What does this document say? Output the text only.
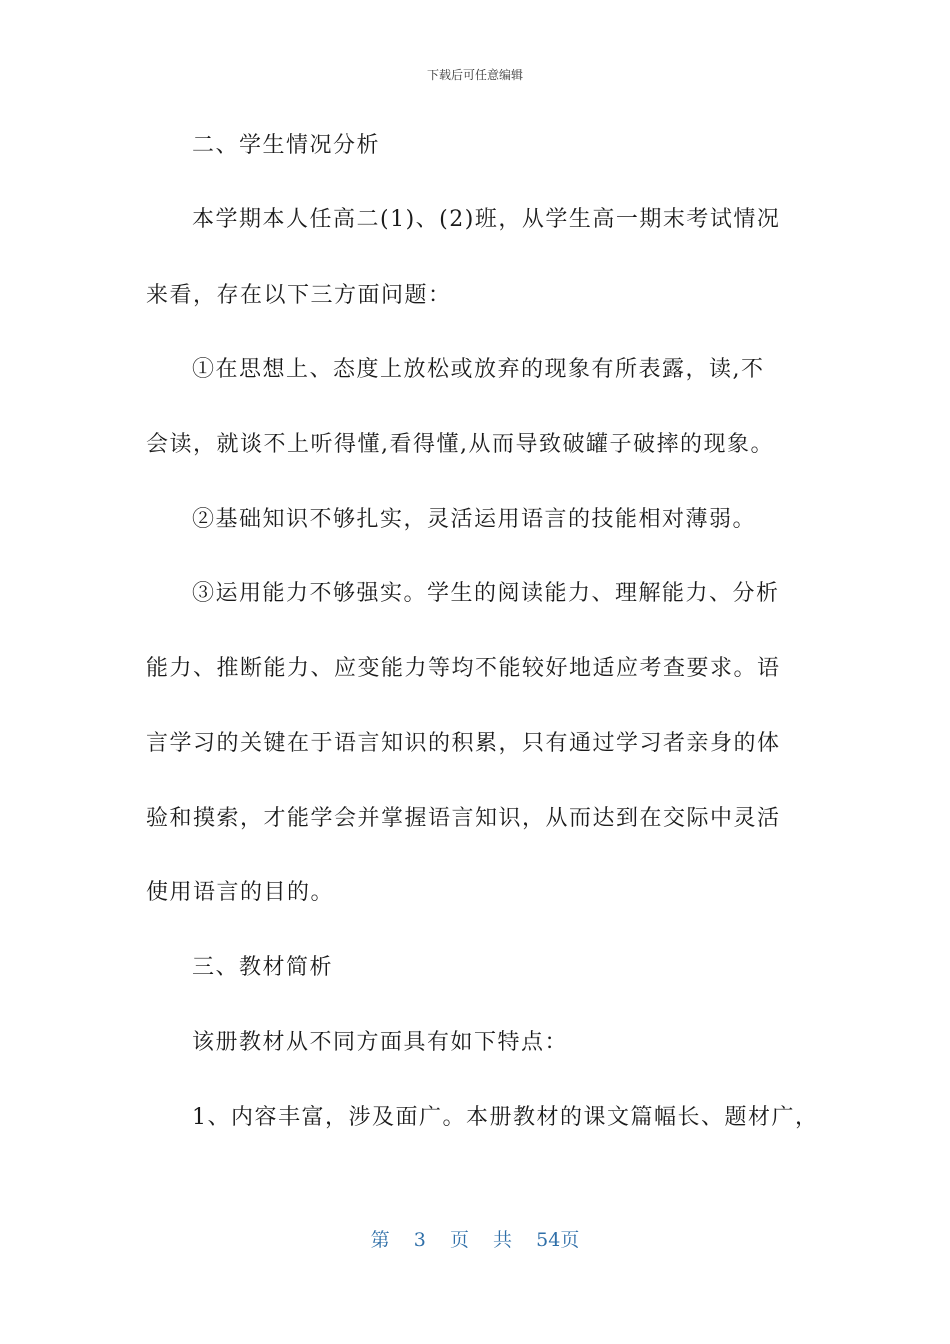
下载后可任意编辑
二、学生情况分析
本学期本人任高二(1)、(2)班，从学生高一期末考试情况
来看，存在以下三方面问题：
①在思想上、态度上放松或放弃的现象有所表露，读,不
会读，就谈不上听得懂,看得懂,从而导致破罐子破摔的现象。
②基础知识不够扎实，灵活运用语言的技能相对薄弱。
③运用能力不够强实。学生的阅读能力、理解能力、分析
能力、推断能力、应变能力等均不能较好地适应考查要求。语
言学习的关键在于语言知识的积累，只有通过学习者亲身的体
验和摸索，才能学会并掌握语言知识，从而达到在交际中灵活
使用语言的目的。
三、教材简析
该册教材从不同方面具有如下特点：
1、内容丰富，涉及面广。本册教材的课文篇幅长、题材广，
第 3 页 共 54页
